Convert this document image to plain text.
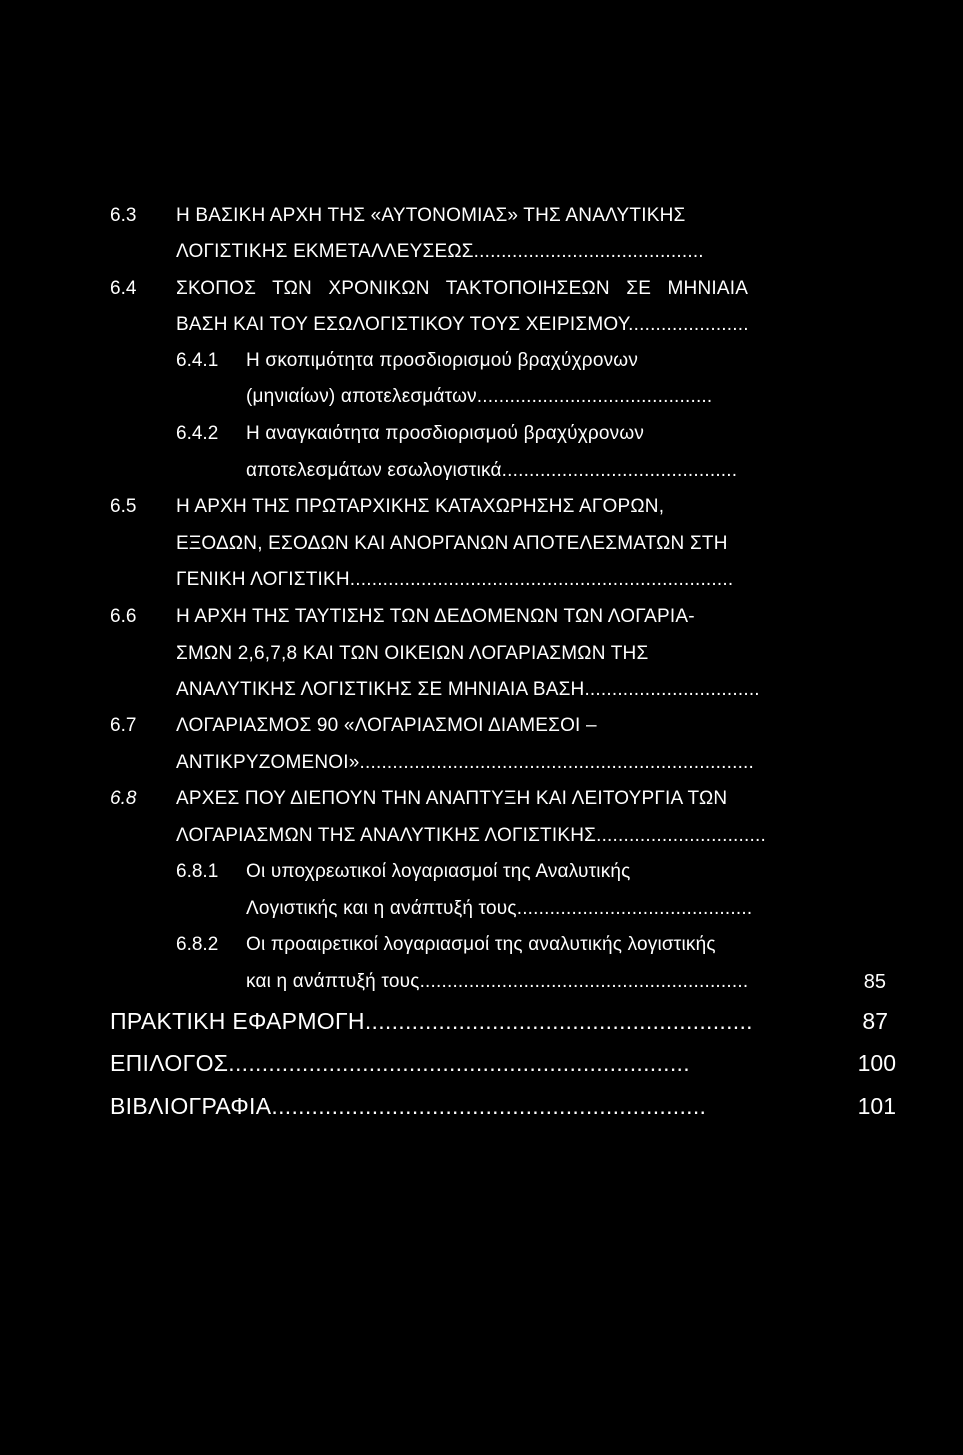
6.3 Η ΒΑΣΙΚΗ ΑΡΧΗ ΤΗΣ «ΑΥΤΟΝΟΜΙΑΣ» ΤΗΣ ΑΝΑΛΥΤΙΚΗΣ
ΛΟΓΙΣΤΙΚΗΣ ΕΚΜΕΤΑΛΛΕΥΣΕΩΣ..........................................
6.4 ΣΚΟΠΟΣ   ΤΩΝ   ΧΡΟΝΙΚΩΝ   ΤΑΚΤΟΠΟΙΗΣΕΩΝ   ΣΕ   ΜΗΝΙΑΙΑ
ΒΑΣΗ ΚΑΙ ΤΟΥ ΕΣΩΛΟΓΙΣΤΙΚΟΥ ΤΟΥΣ ΧΕΙΡΙΣΜΟΥ......................
6.4.1 Η σκοπιμότητα προσδιορισμού βραχύχρονων
(μηνιαίων) αποτελεσμάτων...........................................
6.4.2 Η αναγκαιότητα προσδιορισμού βραχύχρονων
αποτελεσμάτων εσωλογιστικά...........................................
6.5 Η ΑΡΧΗ ΤΗΣ ΠΡΩΤΑΡΧΙΚΗΣ ΚΑΤΑΧΩΡΗΣΗΣ ΑΓΟΡΩΝ,
ΕΞΟΔΩΝ, ΕΣΟΔΩΝ ΚΑΙ ΑΝΟΡΓΑΝΩΝ ΑΠΟΤΕΛΕΣΜΑΤΩΝ ΣΤΗ
ΓΕΝΙΚΗ ΛΟΓΙΣΤΙΚΗ......................................................................
6.6 Η ΑΡΧΗ ΤΗΣ ΤΑΥΤΙΣΗΣ ΤΩΝ ΔΕΔΟΜΕΝΩΝ ΤΩΝ ΛΟΓΑΡΙΑ-
ΣΜΩΝ 2,6,7,8 ΚΑΙ ΤΩΝ ΟΙΚΕΙΩΝ ΛΟΓΑΡΙΑΣΜΩΝ ΤΗΣ
ΑΝΑΛΥΤΙΚΗΣ ΛΟΓΙΣΤΙΚΗΣ ΣΕ ΜΗΝΙΑΙΑ ΒΑΣΗ................................
6.7 ΛΟΓΑΡΙΑΣΜΟΣ 90 «ΛΟΓΑΡΙΑΣΜΟΙ ΔΙΑΜΕΣΟΙ –
ΑΝΤΙΚΡΥΖΟΜΕΝΟΙ»........................................................................
6.8 ΑΡΧΕΣ ΠΟΥ ΔΙΕΠΟΥΝ ΤΗΝ ΑΝΑΠΤΥΞΗ ΚΑΙ ΛΕΙΤΟΥΡΓΙΑ ΤΩΝ
ΛΟΓΑΡΙΑΣΜΩΝ ΤΗΣ ΑΝΑΛΥΤΙΚΗΣ ΛΟΓΙΣΤΙΚΗΣ...............................
6.8.1 Οι υποχρεωτικοί λογαριασμοί της Αναλυτικής
Λογιστικής και η ανάπτυξή τους...........................................
6.8.2 Οι προαιρετικοί λογαριασμοί της αναλυτικής λογιστικής
και η ανάπτυξή τους............................................................	85
ΠΡΑΚΤΙΚΗ ΕΦΑΡΜΟΓΗ..........................................................	87
ΕΠΙΛΟΓΟΣ.....................................................................	100
ΒΙΒΛΙΟΓΡΑΦΙΑ.................................................................	101
